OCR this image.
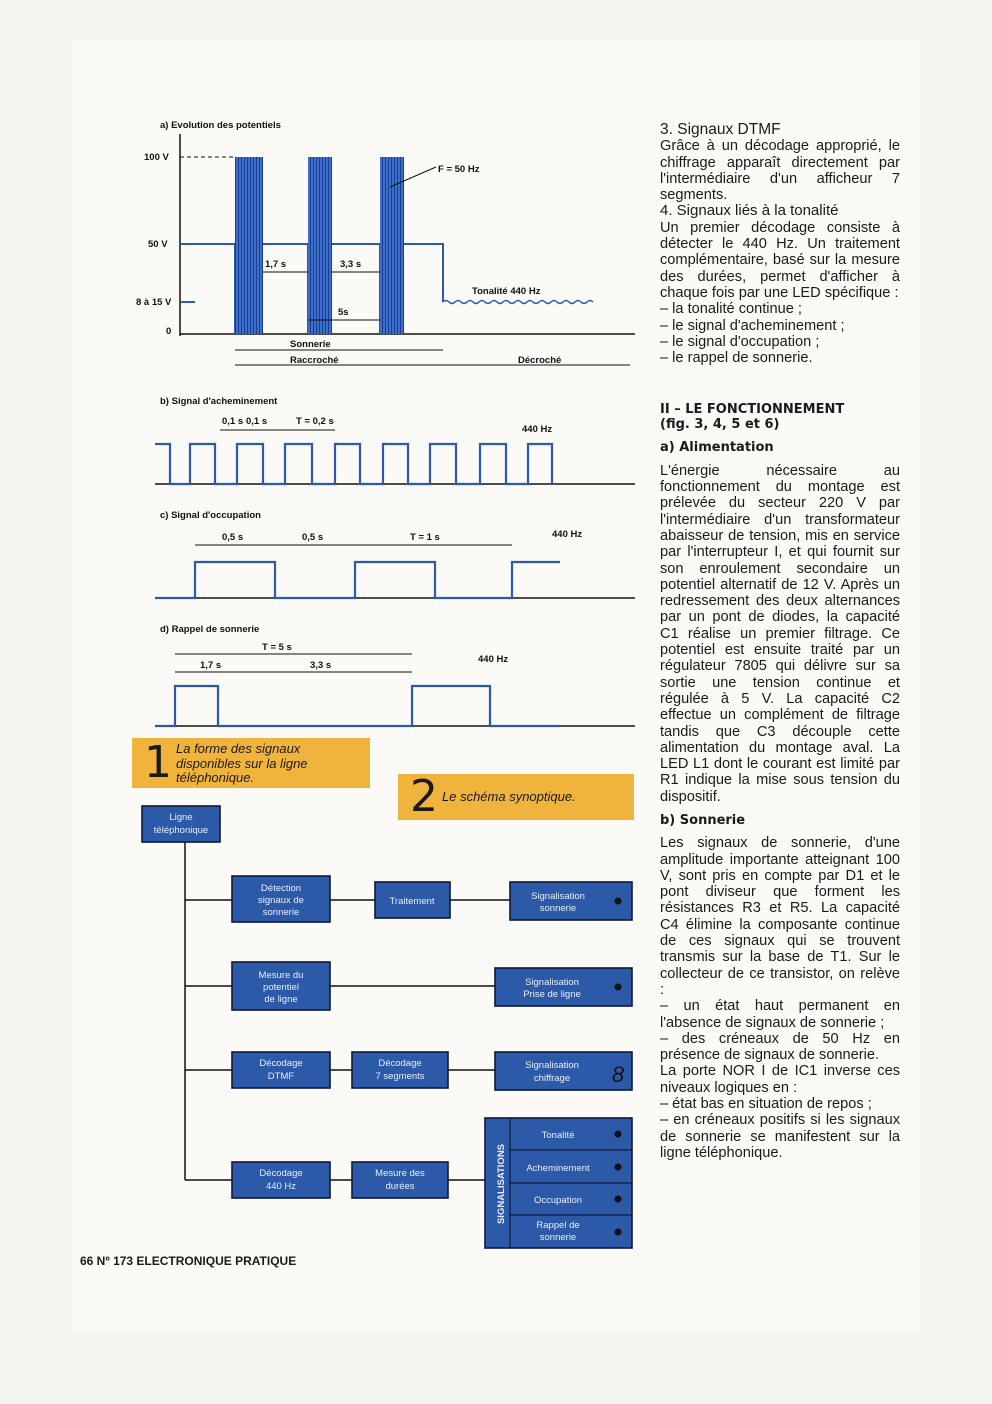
a) Evolution des potentiels
100 V
50 V
8 à 15 V
0
F = 50 Hz
1,7 s	3,3 s
5s
Tonalité 440 Hz
Sonnerie
Raccroché	Décroché
b) Signal d'acheminement
0,1 s 0,1 s	T = 0,2 s
440 Hz
c) Signal d'occupation
0,5 s	0,5 s	T = 1 s	440 Hz
d) Rappel de sonnerie
T = 5 s
1,7 s	3,3 s
440 Hz
1 La forme des signaux disponibles sur la ligne téléphonique.	2 Le schéma synoptique.
Ligne
téléphonique
Détection
signaux de
sonnerie
Traitement	Signalisation
sonnerie
Mesure du
potentiel
de ligne
Signalisation
Prise de ligne
Décodage
DTMF
Décodage
7 segments
Signalisation
chiffrage 8
Décodage
440 Hz
Mesure des
durées	SIGNALISATIONS
Tonalité
Acheminement
Occupation
Rappel de
sonnerie

3. Signaux DTMF

Grâce à un décodage approprié, le chiffrage apparaît directement par l'intermédiaire d'un afficheur 7 segments.

4. Signaux liés à la tonalité

Un premier décodage consiste à détecter le 440 Hz. Un traitement complémentaire, basé sur la mesure des durées, permet d'afficher à chaque fois par une LED spécifique :

– la tonalité continue ;
– le signal d'acheminement ;
– le signal d'occupation ;
– le rappel de sonnerie.

II – LE FONCTIONNEMENT

(fig. 3, 4, 5 et 6)

a) Alimentation

L'énergie nécessaire au fonctionnement du montage est prélevée du secteur 220 V par l'intermédiaire d'un transformateur abaisseur de tension, mis en service par l'interrupteur I, et qui fournit sur son enroulement secondaire un potentiel alternatif de 12 V. Après un redressement des deux alternances par un pont de diodes, la capacité C1 réalise un premier filtrage. Ce potentiel est ensuite traité par un régulateur 7805 qui délivre sur sa sortie une tension continue et régulée à 5 V. La capacité C2 effectue un complément de filtrage tandis que C3 découple cette alimentation du montage aval. La LED L1 dont le courant est limité par R1 indique la mise sous tension du dispositif.

b) Sonnerie

Les signaux de sonnerie, d'une amplitude importante atteignant 100 V, sont pris en compte par D1 et le pont diviseur que forment les résistances R3 et R5. La capacité C4 élimine la composante continue de ces signaux qui se trouvent transmis sur la base de T1. Sur le collecteur de ce transistor, on relève :

– un état haut permanent en l'absence de signaux de sonnerie ;

– des créneaux de 50 Hz en présence de signaux de sonnerie.

La porte NOR I de IC1 inverse ces niveaux logiques en :

– état bas en situation de repos ;

– en créneaux positifs si les signaux de sonnerie se manifestent sur la ligne téléphonique.

66 Nº 173 ELECTRONIQUE PRATIQUE
